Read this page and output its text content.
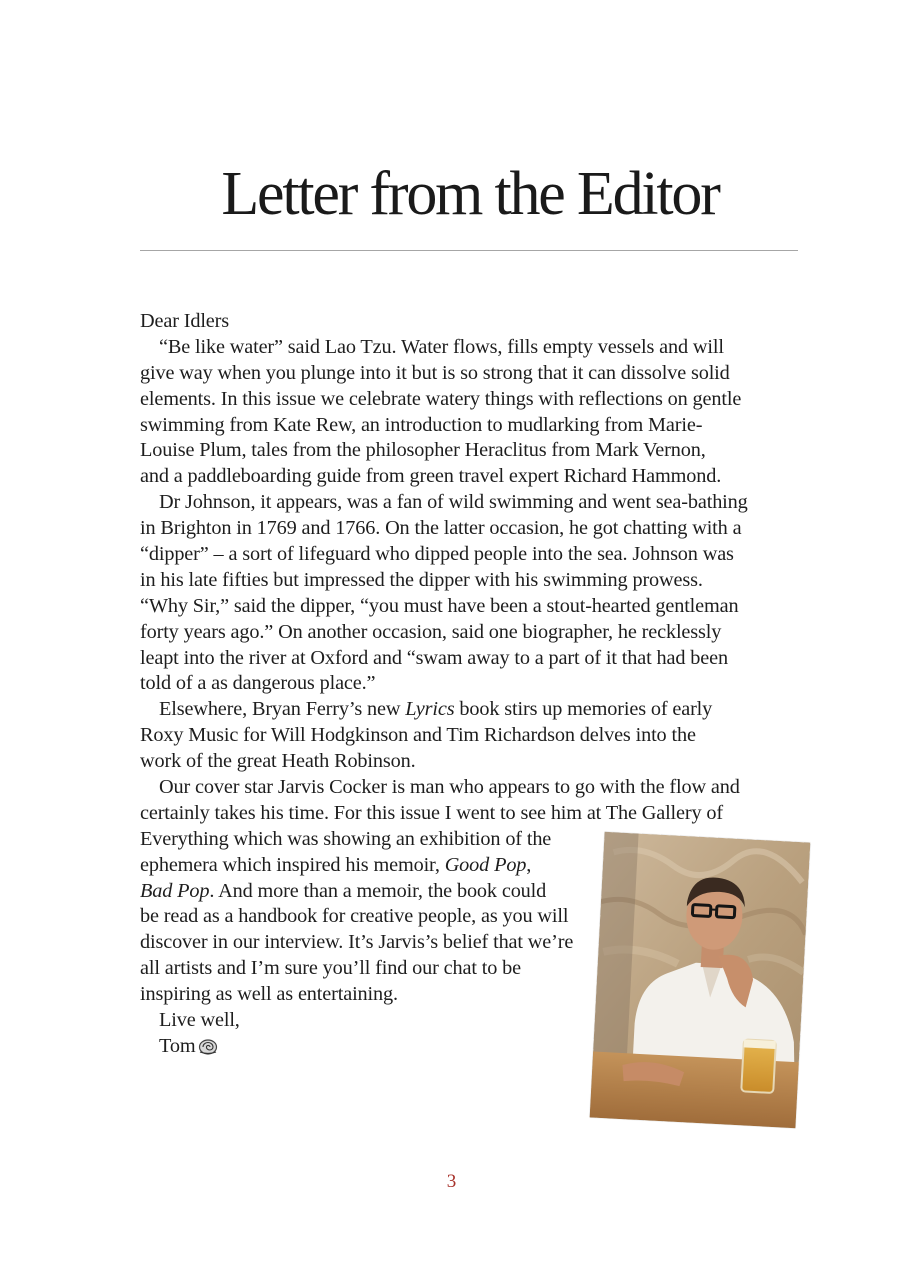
Letter from the Editor
Dear Idlers
“Be like water” said Lao Tzu. Water flows, fills empty vessels and will
give way when you plunge into it but is so strong that it can dissolve solid
elements. In this issue we celebrate watery things with reflections on gentle
swimming from Kate Rew, an introduction to mudlarking from Marie-
Louise Plum, tales from the philosopher Heraclitus from Mark Vernon,
and a paddleboarding guide from green travel expert Richard Hammond.
Dr Johnson, it appears, was a fan of wild swimming and went sea-bathing
in Brighton in 1769 and 1766. On the latter occasion, he got chatting with a
“dipper” – a sort of lifeguard who dipped people into the sea. Johnson was
in his late fifties but impressed the dipper with his swimming prowess.
“Why Sir,” said the dipper, “you must have been a stout-hearted gentleman
forty years ago.” On another occasion, said one biographer, he recklessly
leapt into the river at Oxford and “swam away to a part of it that had been
told of a as dangerous place.”
Elsewhere, Bryan Ferry’s new Lyrics book stirs up memories of early
Roxy Music for Will Hodgkinson and Tim Richardson delves into the
work of the great Heath Robinson.
Our cover star Jarvis Cocker is man who appears to go with the flow and
certainly takes his time. For this issue I went to see him at The Gallery of
Everything which was showing an exhibition of the
ephemera which inspired his memoir, Good Pop,
Bad Pop. And more than a memoir, the book could
be read as a handbook for creative people, as you will
discover in our interview. It’s Jarvis’s belief that we’re
all artists and I’m sure you’ll find our chat to be
inspiring as well as entertaining.
Live well,
Tom
3
